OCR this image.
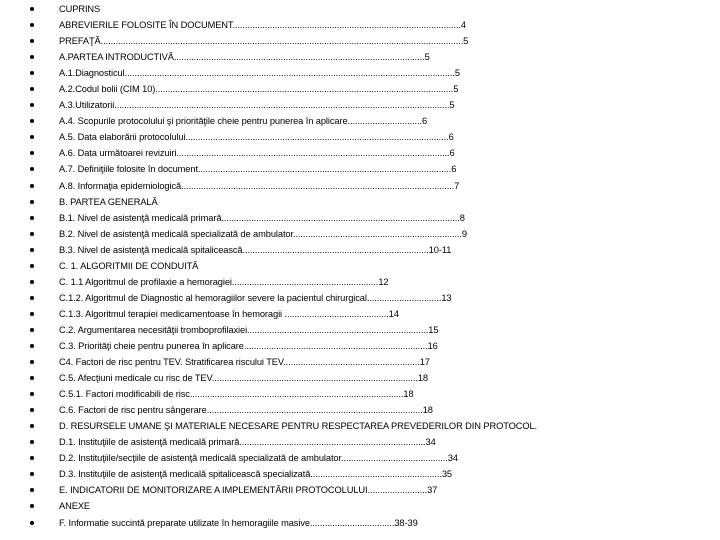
CUPRINS
ABREVIERILE FOLOSITE ÎN DOCUMENT............................................................................................4
PREFAŢĂ..................................................................................................................................................5
A.PARTEA INTRODUCTIVĂ.....................................................................................................5
A.1.Diagnosticul.....................................................................................................................................5
A.2.Codul bolii (CIM 10)........................................................................................................................5
A.3.Utilizatorii.......................................................................................................................................5
A.4. Scopurile protocolului şi priorităţile cheie pentru punerea în aplicare..............................6
A.5. Data elaborării protocolului..........................................................................................................6
A.6. Data următoarei revizuiri..............................................................................................................6
A.7. Definiţiile folosite în document......................................................................................................6
A.8. Informaţia epidemiologică..............................................................................................................7
B. PARTEA GENERALĂ
B.1. Nivel de asistenţă medicală primară................................................................................................8
B.2. Nivel de asistenţă medicală specializată de ambulator....................................................................9
B.3. Nivel de asistenţă medicală spitalicească...........................................................................10-11
C. 1. ALGORITMII DE CONDUITĂ
C. 1.1 Algoritmul de profilaxie a hemoragiei...........................................................12
C.1.2. Algoritmul de Diagnostic al hemoragiilor severe la pacientul chirurgical..............................13
C.1.3. Algoritmul terapiei medicamentoase în hemoragii ..........................................14
C.2. Argumentarea necesităţii tromboprofilaxiei.........................................................................15
C.3. Priorităţi cheie pentru punerea în aplicare..........................................................................16
C4. Factori de risc pentru TEV. Stratificarea riscului TEV.......................................................17
C.5. Afecţiuni medicale cu risc de TEV...................................................................................18
C.5.1. Factori modificabili de risc......................................................................................18
C.6. Factori de risc pentru sângerare.......................................................................................18
D. RESURSELE UMANE ŞI MATERIALE NECESARE PENTRU RESPECTAREA PREVEDERILOR DIN PROTOCOL.
D.1. Instituţiile de asistenţă medicală primară...........................................................................34
D.2. Instituţiile/secţiile de asistenţă medicală specializată de ambulator...........................................34
D.3. Instituţiile de asistenţă medicală spitalicească specializată.....................................................35
E. INDICATORII DE MONITORIZARE A IMPLEMENTĂRII PROTOCOLULUI........................37
ANEXE
F. Informatie succintă preparate utilizate în hemoragiile masive..................................38-39
